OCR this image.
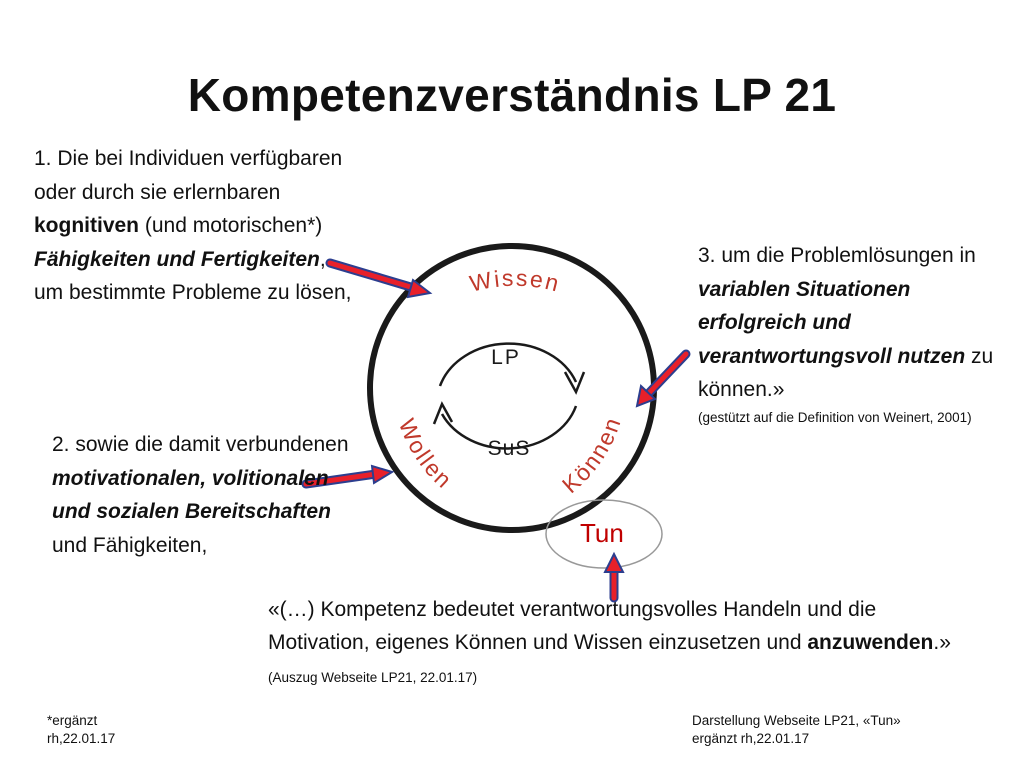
Kompetenzverständnis LP 21
Wissen
Wollen	Können
LP
SuS
Tun
1. Die bei Individuen verfügbaren oder durch sie erlernbaren kognitiven (und motorischen*) Fähigkeiten und Fertigkeiten, um bestimmte Probleme zu lösen,
2. sowie die damit verbundenen motivationalen, volitionalen und sozialen Bereitschaften und Fähigkeiten,
3. um die Problemlösungen in variablen Situationen erfolgreich und verantwortungsvoll nutzen zu können.»
(gestützt auf die Definition von Weinert, 2001)
«(…) Kompetenz bedeutet verantwortungsvolles Handeln und die Motivation, eigenes Können und Wissen einzusetzen und anzuwenden.» (Auszug Webseite LP21, 22.01.17)
*ergänzt rh,22.01.17
Darstellung Webseite LP21, «Tun»
ergänzt rh,22.01.17
